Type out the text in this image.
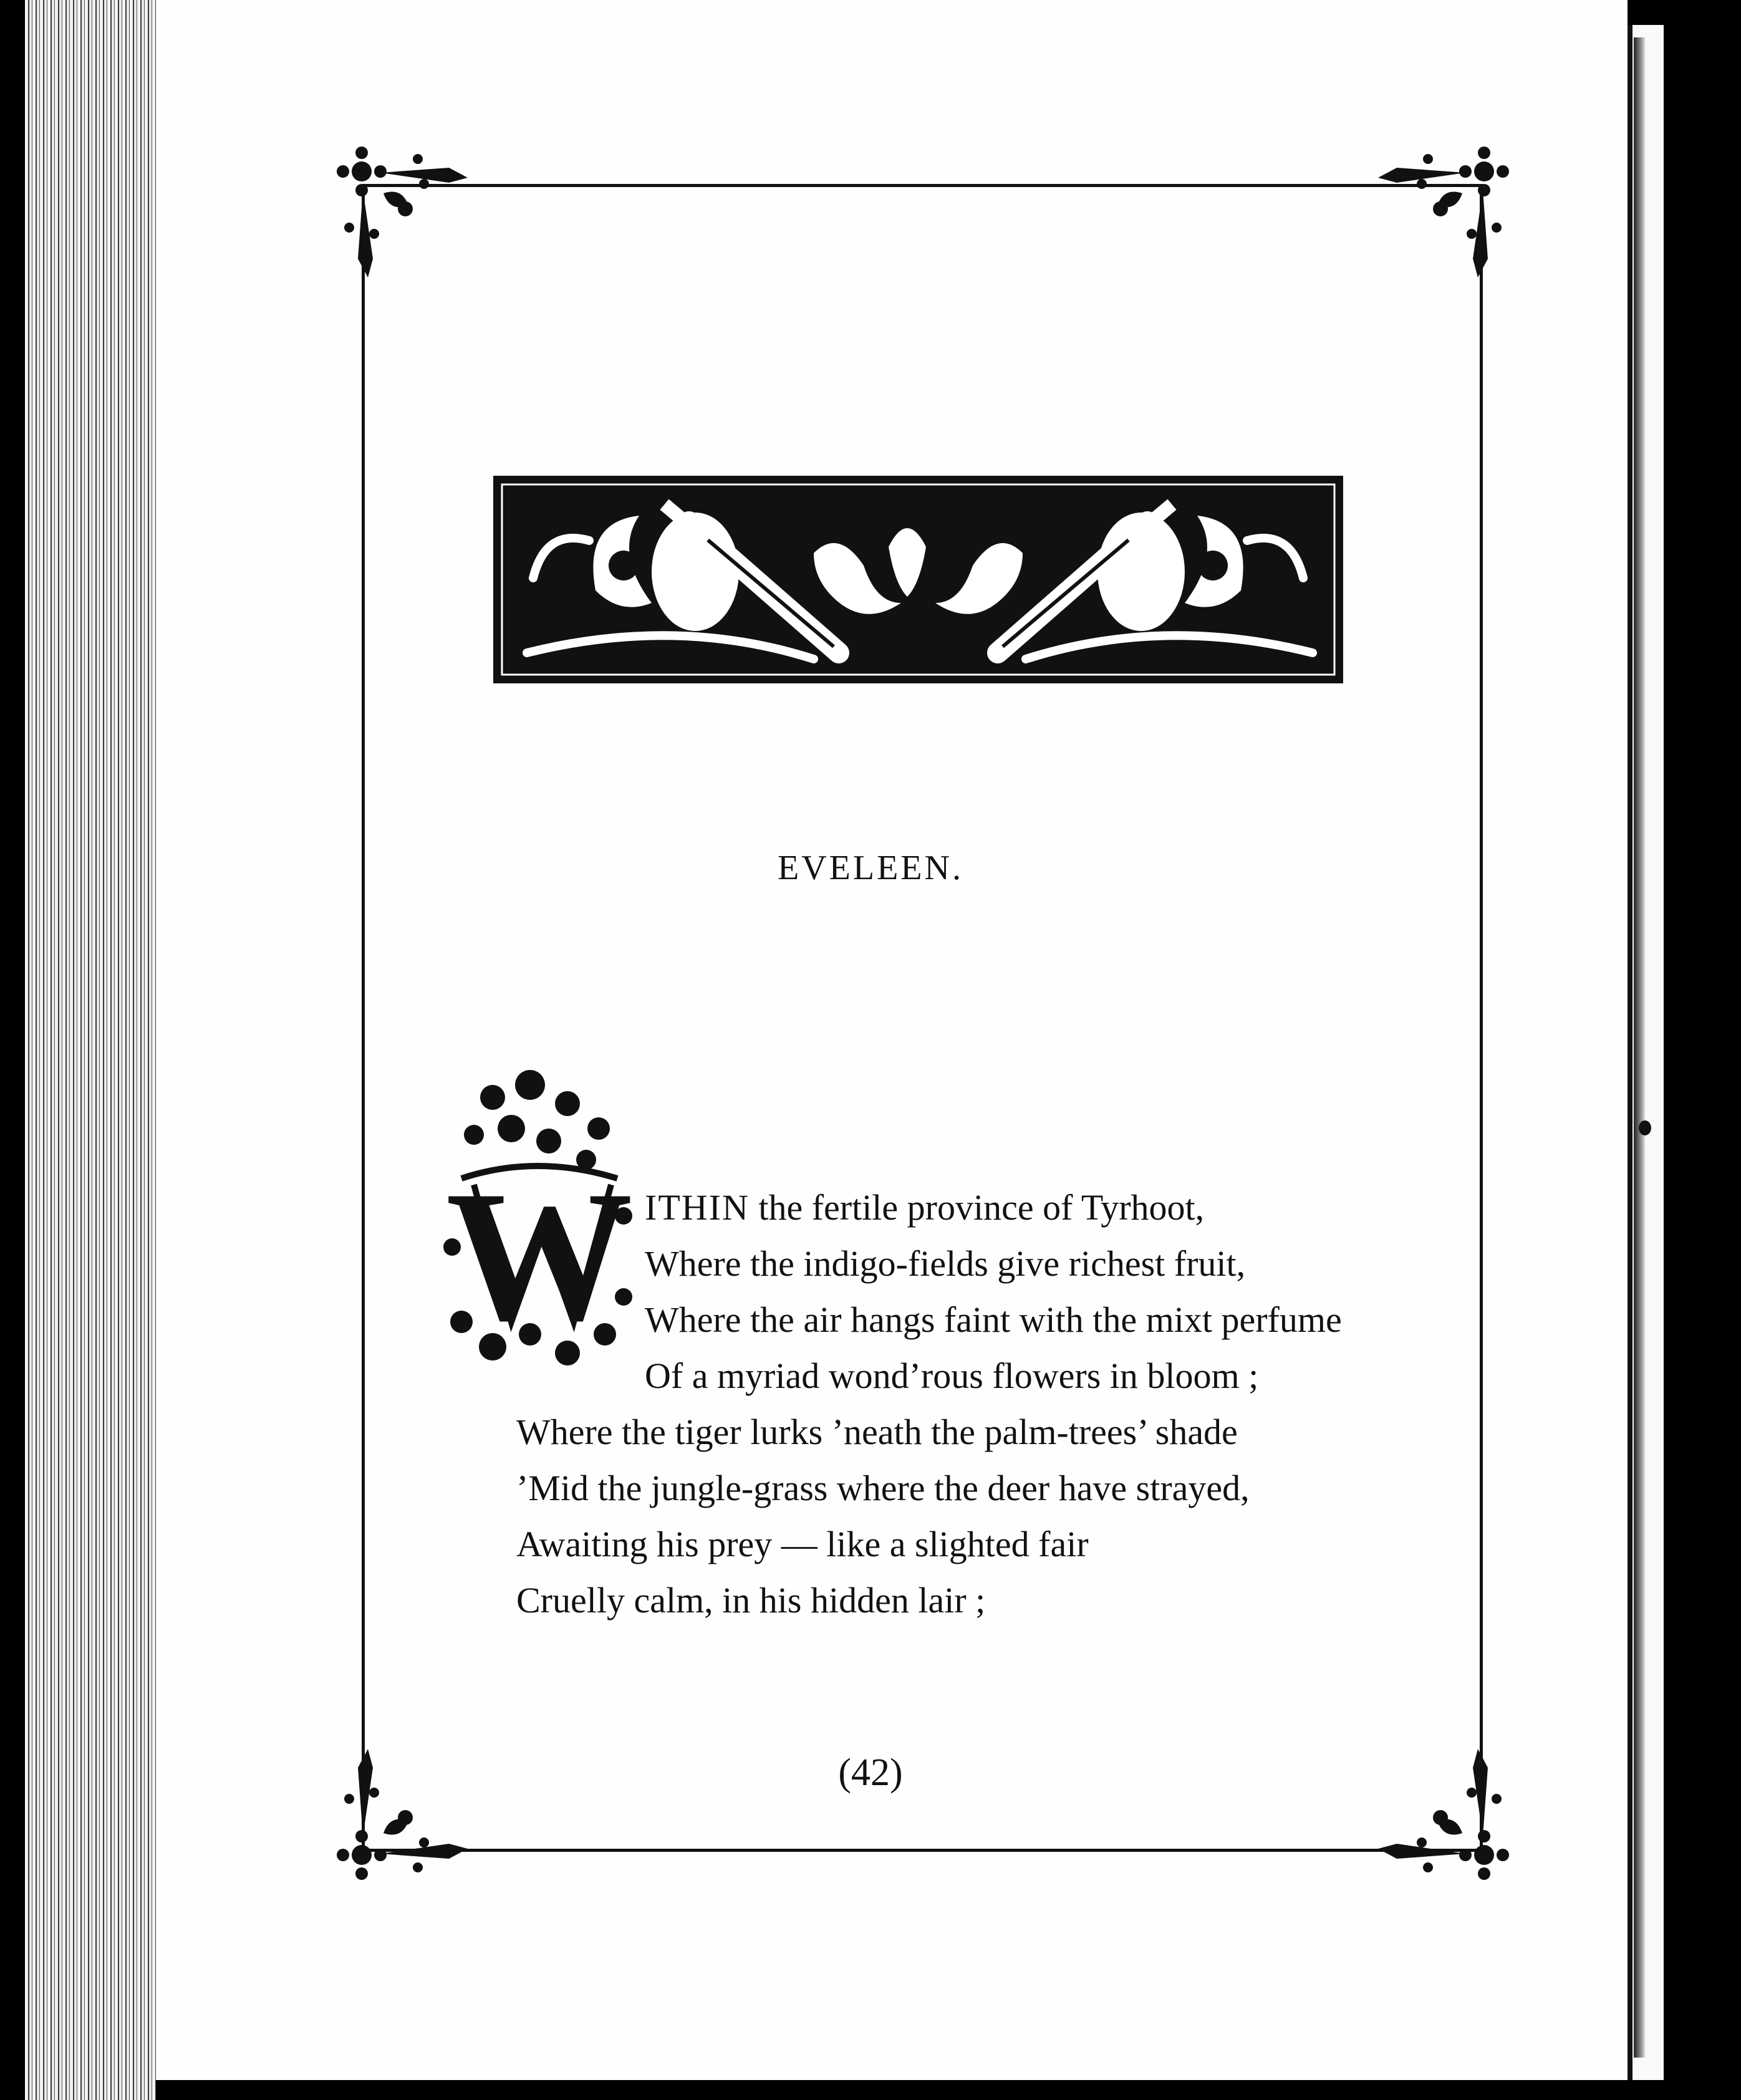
EVELEEN.
W ITHIN the fertile province of Tyrhoot,
Where the indigo-fields give richest fruit,
Where the air hangs faint with the mixt perfume
Of a myriad wond’rous flowers in bloom ;
Where the tiger lurks ’neath the palm-trees’ shade
’Mid the jungle-grass where the deer have strayed,
Awaiting his prey — like a slighted fair
Cruelly calm, in his hidden lair ;
(42)
